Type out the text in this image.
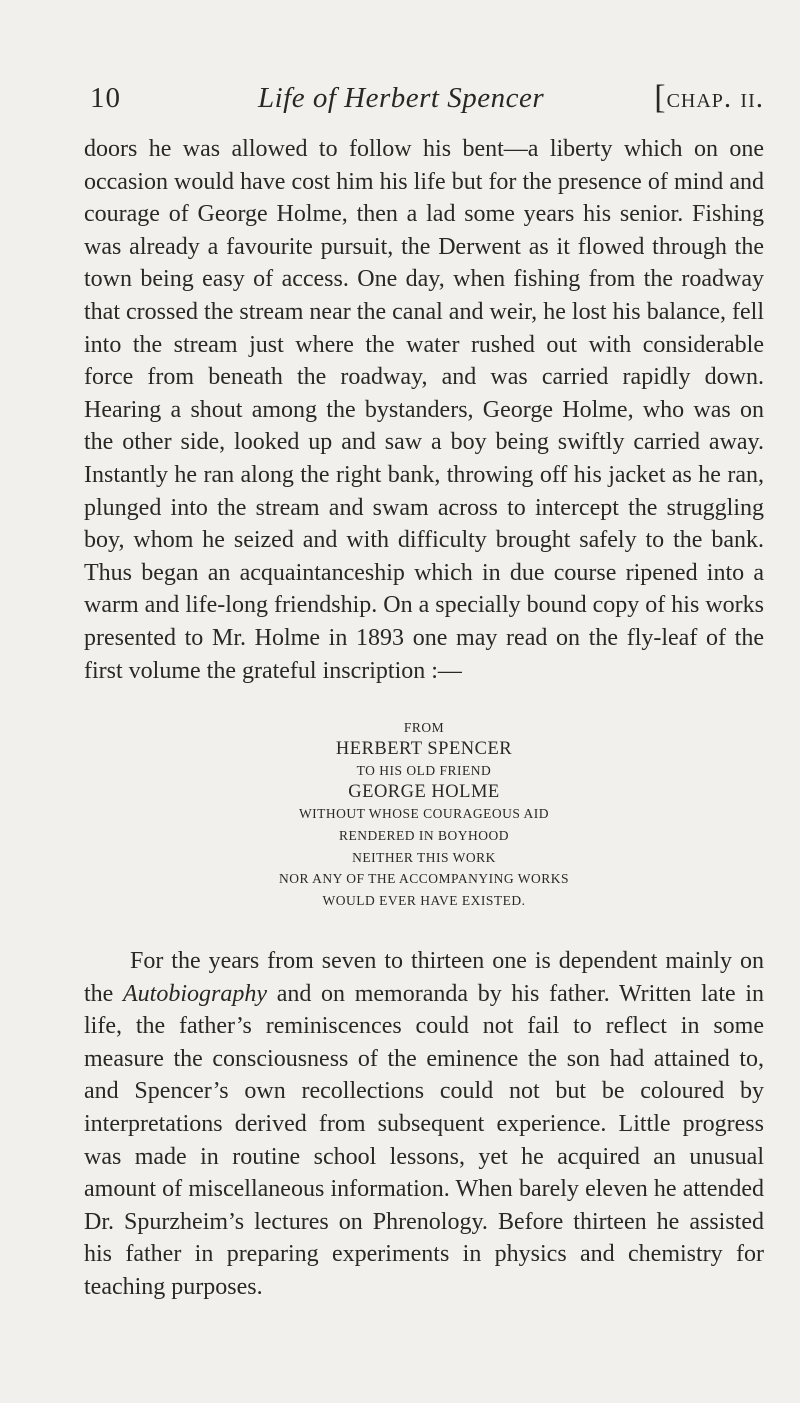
10	Life of Herbert Spencer	[chap. ii.

doors he was allowed to follow his bent—a liberty which on one occasion would have cost him his life but for the presence of mind and courage of George Holme, then a lad some years his senior. Fishing was already a favourite pursuit, the Derwent as it flowed through the town being easy of access. One day, when fishing from the roadway that crossed the stream near the canal and weir, he lost his balance, fell into the stream just where the water rushed out with considerable force from beneath the roadway, and was carried rapidly down. Hearing a shout among the bystanders, George Holme, who was on the other side, looked up and saw a boy being swiftly carried away. Instantly he ran along the right bank, throwing off his jacket as he ran, plunged into the stream and swam across to intercept the struggling boy, whom he seized and with difficulty brought safely to the bank. Thus began an acquaintanceship which in due course ripened into a warm and life-long friendship. On a specially bound copy of his works presented to Mr. Holme in 1893 one may read on the fly-leaf of the first volume the grateful inscription :—

FROM
HERBERT SPENCER
TO HIS OLD FRIEND
GEORGE HOLME
WITHOUT WHOSE COURAGEOUS AID
RENDERED IN BOYHOOD
NEITHER THIS WORK
NOR ANY OF THE ACCOMPANYING WORKS
WOULD EVER HAVE EXISTED.

For the years from seven to thirteen one is dependent mainly on the Autobiography and on memoranda by his father. Written late in life, the father’s reminiscences could not fail to reflect in some measure the consciousness of the eminence the son had attained to, and Spencer’s own recollections could not but be coloured by interpretations derived from subsequent experience. Little progress was made in routine school lessons, yet he acquired an unusual amount of miscellaneous information. When barely eleven he attended Dr. Spurzheim’s lectures on Phrenology. Before thirteen he assisted his father in preparing experiments in physics and chemistry for teaching purposes.
